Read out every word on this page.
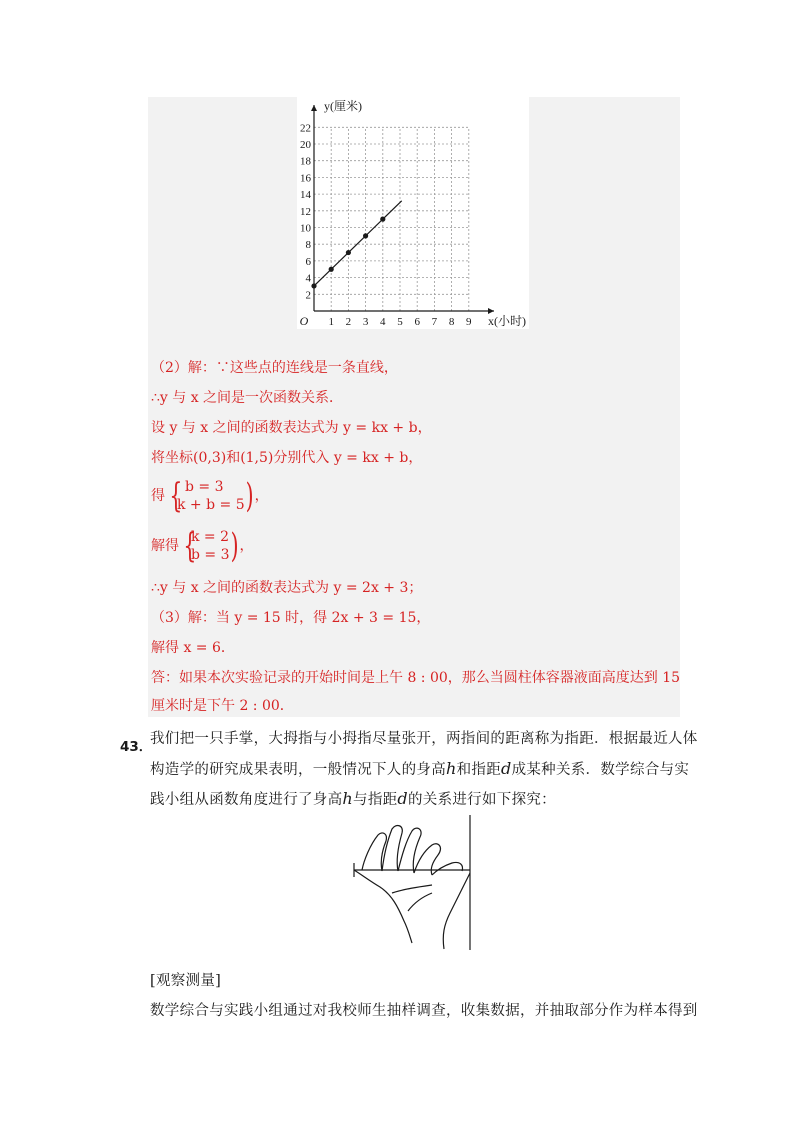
1 2 3 4 5 6 7 8 9
2
4
6
8
10
12
14
16
18
20
22
O	x(小时)
y(厘米)
（2）解：∵这些点的连线是一条直线，
∴y 与 x 之间是一次函数关系．
设 y 与 x 之间的函数表达式为 y = kx + b，
将坐标(0,3)和(1,5)分别代入 y = kx + b，
得 { b = 3
k + b = 5 ) ，
解得 {
k = 2
b = 3 ) ，
∴y 与 x 之间的函数表达式为 y = 2x + 3；
（3）解：当 y = 15 时，得 2x + 3 = 15，
解得 x = 6．
答：如果本次实验记录的开始时间是上午 8 : 00，那么当圆柱体容器液面高度达到 15
厘米时是下午 2 : 00．
43．
我们把一只手掌，大拇指与小拇指尽量张开，两指间的距离称为指距．根据最近人体
构造学的研究成果表明，一般情况下人的身高h和指距d成某种关系．数学综合与实
践小组从函数角度进行了身高h与指距d的关系进行如下探究：
[观察测量]
数学综合与实践小组通过对我校师生抽样调查，收集数据，并抽取部分作为样本得到
